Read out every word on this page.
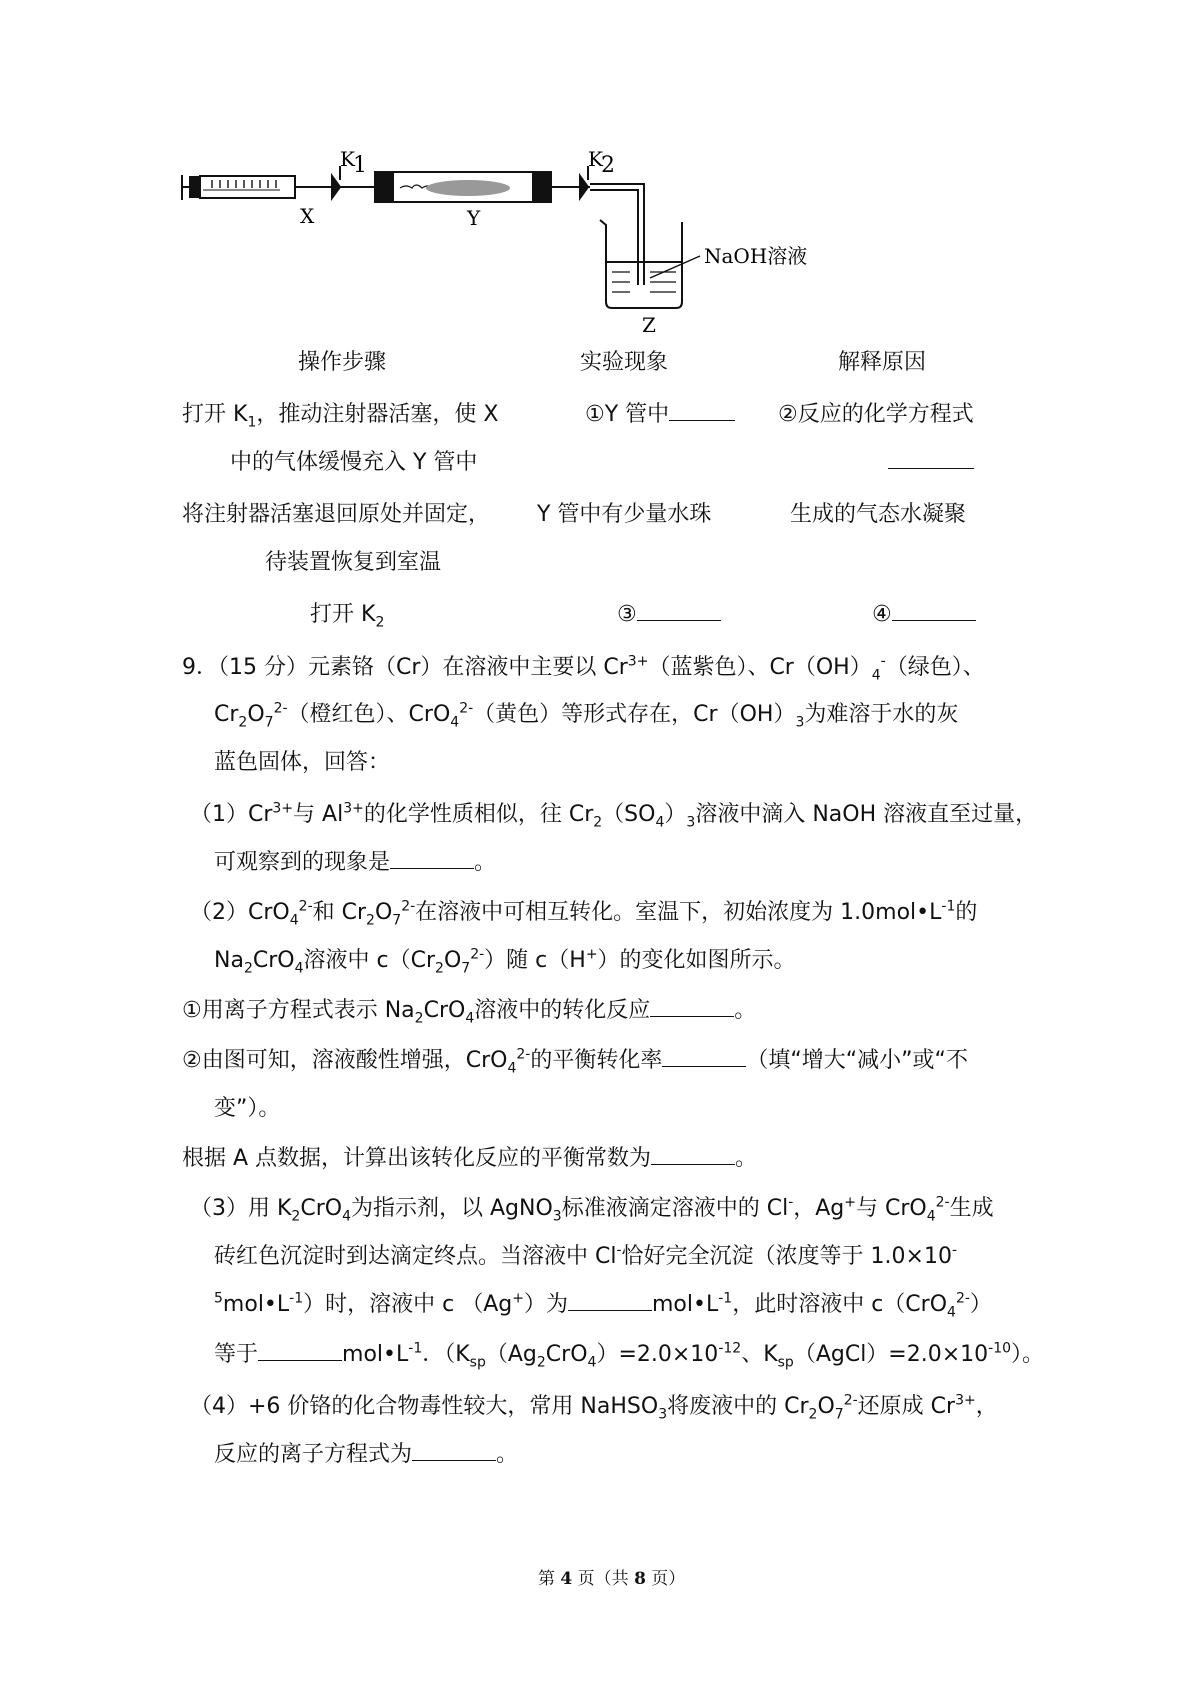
K1	K2
X	Y
Z
NaOH溶液
操作步骤	实验现象	解释原因
打开 $K_1$，推动注射器活塞，使 X
中的气体缓慢充入 Y 管中
①Y 管中	②反应的化学方程式
将注射器活塞退回原处并固定，
待装置恢复到室温
Y 管中有少量水珠	生成的气态水凝聚
打开 $K_2$	③	④
9．（15 分）元素铬（Cr）在溶液中主要以 $Cr^{3+}$（蓝紫色）、$Cr(OH)_4^-$（绿色）、
$Cr_2O_7^{2-}$（橙红色）、CrO$_4^{2-}$（黄色）等形式存在，$Cr(OH)_3$为难溶于水的灰
蓝色固体，回答：
$(1)Cr^{3+}$与 $Al^{3+}$的化学性质相似，往 $Cr_2(SO_4)_3$溶液中滴入 NaOH 溶液直至过量，
可观察到的现象是	。
（2）CrO$_4^{2-}$和 $Cr_2O_7^{2-}$在溶液中可相互转化。室温下，初始浓度为 $1.0mol•L^{-1}$的
$Na_2CrO_4$溶液中 $c(Cr_2O_7^{2-})$随 c（H+）的变化如图所示。
①用离子方程式表示 $Na_2CrO_4$溶液中的转化反应	。
②由图可知，溶液酸性增强，CrO$_4^{2-}$的平衡转化率	（填“增大“减小”或“不
变”）。
根据 A 点数据，计算出该转化反应的平衡常数为	。
（3）用 $K_2CrO_4$为指示剂，以 AgNO$_3$标准液滴定溶液中的 Cl-，Ag+与 CrO$_4^{2-}$生成
砖红色沉淀时到达滴定终点。当溶液中 Cl-恰好完全沉淀（浓度等于 1.0×10-
$^5mol•L^{-1}$）时，溶液中 c （Ag+）为	$mol•L^{-1}$，此时溶液中 c（CrO$_4^{2-}$）
等于	$mol•L^{-1}$．（$K_{sp}(Ag_2CrO_4)=2.0\times 10^{-12}$、$K_{sp}(AgCl)=2.0\times 10^{-10}$）。
（4）+6 价铬的化合物毒性较大，常用 NaHSO$_3$将废液中的 $Cr_2O_7^{2-}$还原成 $Cr^{3+}$，
反应的离子方程式为	。
第 4 页（共 8 页）
